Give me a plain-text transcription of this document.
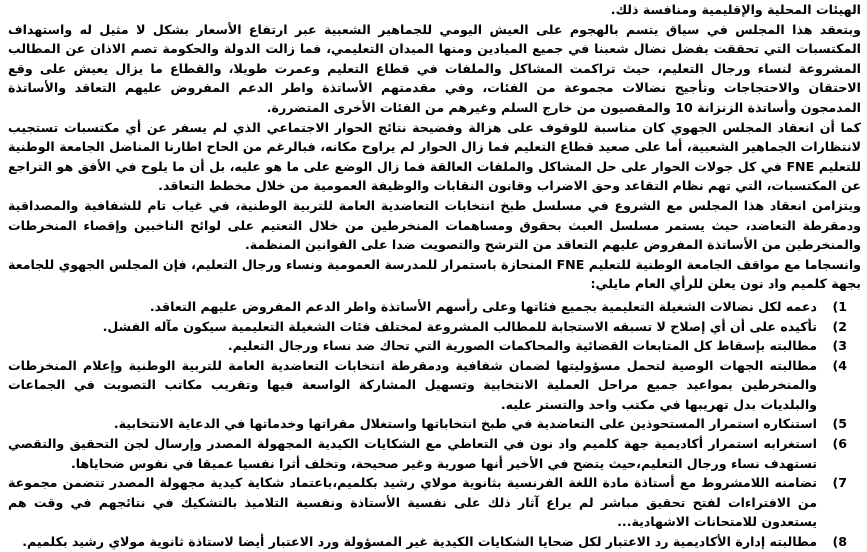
الهيئات المحلية والإقليمية ومنافسة ذلك.

وبتعقد هذا المجلس في سياق يتسم بالهجوم على العيش اليومي للجماهير الشعبية عبر ارتفاع الأسعار بشكل لا مثيل له واستهداف المكتسبات التي تحققت بفضل نضال شعبنا في جميع الميادين ومنها الميدان التعليمي، فما زالت الدولة والحكومة تصم الاذان عن المطالب المشروعة لنساء ورجال التعليم، حيث تراكمت المشاكل والملفات في قطاع التعليم وعمرت طويلا، والقطاع ما يزال يعيش على وقع الاحتقان والاحتجاجات وتأجيج نضالات مجموعة من الفئات، وفي مقدمتهم الأساتذة واطر الدعم المفروض عليهم التعاقد والأساتذة المدمجون وأساتذة الزنزانة 10 والمقصيون من خارج السلم وغيرهم من الفئات الأخرى المتضررة.

كما أن انعقاد المجلس الجهوي كان مناسبة للوقوف على هزالة وفضيحة نتائج الحوار الاجتماعي الذي لم يسفر عن أي مكتسبات تستجيب لانتظارات الجماهير الشعبية، أما على صعيد قطاع التعليم فما زال الحوار لم يراوح مكانه، فبالرغم من الحاح اطارنا المناضل الجامعة الوطنية للتعليم FNE في كل جولات الحوار على حل المشاكل والملفات العالقة فما زال الوضع على ما هو عليه، بل أن ما يلوح في الأفق هو التراجع عن المكتسبات، التي تهم نظام التقاعد وحق الاضراب وقانون النقابات والوظيفة العمومية من خلال مخطط التعاقد.

ويتزامن انعقاد هذا المجلس مع الشروع في مسلسل طبخ انتخابات التعاضدية العامة للتربية الوطنية، في غياب تام للشفافية والمصداقية ودمقرطة التعاضد، حيث يستمر مسلسل العبث بحقوق ومساهمات المنخرطين من خلال التعتيم على لوائح الناخبين وإقصاء المنخرطات والمنخرطين من الأساتذة المفروض عليهم التعاقد من الترشح والتصويت ضدا على القوانين المنظمة.

وانسجاما مع مواقف الجامعة الوطنية للتعليم FNE المنحازة باستمرار للمدرسة العمومية ونساء ورجال التعليم، فإن المجلس الجهوي للجامعة بجهة كلميم واد نون يعلن للرأي العام مايلي:

1)
دعمه لكل نضالات الشغيلة التعليمية بجميع فئاتها وعلى رأسهم الأساتذة واطر الدعم المفروض عليهم التعاقد.
2)
تأكيده على أن أي إصلاح لا تسبقه الاستجابة للمطالب المشروعة لمختلف فئات الشغيلة التعليمية سيكون مآله الفشل.
3)
مطالبته بإسقاط كل المتابعات القضائية والمحاكمات الصورية التي تحاك ضد نساء ورجال التعليم.
4)
مطالبته الجهات الوصية لتحمل مسؤوليتها لضمان شفافية ودمقرطة انتخابات التعاضدية العامة للتربية الوطنية وإعلام المنخرطات والمنخرطين بمواعيد جميع مراحل العملية الانتخابية وتسهيل المشاركة الواسعة فيها وتقريب مكاتب التصويت في الجماعات والبلديات بدل تهريبها في مكتب واحد والتستر عليه.
5)
استنكاره استمرار المستحوذين على التعاضدية في طبخ انتخاباتها واستغلال مقراتها وخدماتها في الدعاية الانتخابية.
6)
استغرابه استمرار أكاديمية جهة كلميم واد نون في التعاطي مع الشكايات الكيدية المجهولة المصدر وإرسال لجن التحقيق والتقصي تستهدف نساء ورجال التعليم،حيث يتضح في الأخير أنها صورية وغير صحيحة، وتخلف أثرا نفسيا عميقا في نفوس ضحاياها.
7)
تضامنه اللامشروط مع أستاذة مادة اللغة الفرنسية بثانوية مولاي رشيد بكلميم،باعتماد شكاية كيدية مجهولة المصدر تتضمن مجموعة من الافتراءات لفتح تحقيق مباشر لم يراع آثار ذلك على نفسية الأستاذة ونفسية التلاميذ بالتشكيك في نتائجهم في وقت هم يستعدون للامتحانات الاشهادية...
8)
مطالبته إدارة الأكاديمية رد الاعتبار لكل ضحايا الشكايات الكيدية غير المسؤولة ورد الاعتبار أيضا لاستاذة ثانوية مولاي رشيد بكلميم.
